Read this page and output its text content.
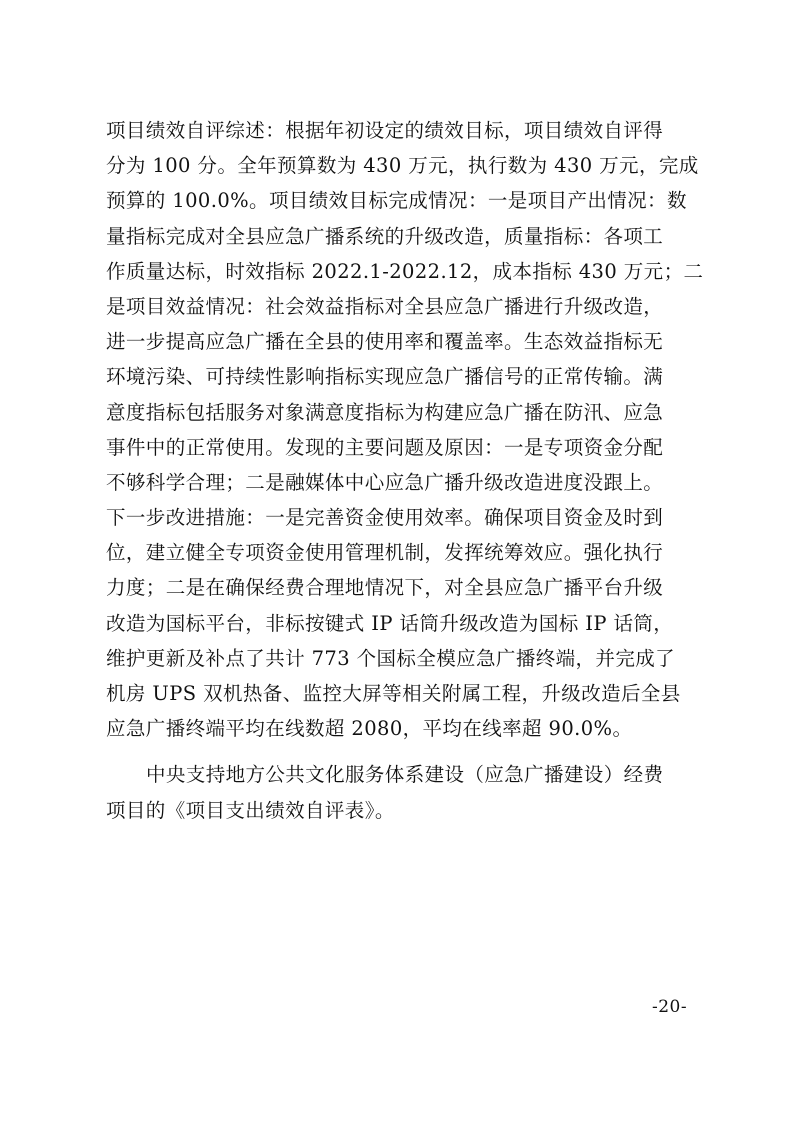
项目绩效自评综述：根据年初设定的绩效目标，项目绩效自评得
分为 100 分。全年预算数为 430 万元，执行数为 430 万元，完成
预算的 100.0%。项目绩效目标完成情况：一是项目产出情况：数
量指标完成对全县应急广播系统的升级改造，质量指标：各项工
作质量达标，时效指标 2022.1-2022.12，成本指标 430 万元；二
是项目效益情况：社会效益指标对全县应急广播进行升级改造，
进一步提高应急广播在全县的使用率和覆盖率。生态效益指标无
环境污染、可持续性影响指标实现应急广播信号的正常传输。满
意度指标包括服务对象满意度指标为构建应急广播在防汛、应急
事件中的正常使用。发现的主要问题及原因：一是专项资金分配
不够科学合理；二是融媒体中心应急广播升级改造进度没跟上。
下一步改进措施：一是完善资金使用效率。确保项目资金及时到
位，建立健全专项资金使用管理机制，发挥统筹效应。强化执行
力度；二是在确保经费合理地情况下，对全县应急广播平台升级
改造为国标平台，非标按键式 IP 话筒升级改造为国标 IP 话筒，
维护更新及补点了共计 773 个国标全模应急广播终端，并完成了
机房 UPS 双机热备、监控大屏等相关附属工程，升级改造后全县
应急广播终端平均在线数超 2080，平均在线率超 90.0%。
中央支持地方公共文化服务体系建设（应急广播建设）经费
项目的《项目支出绩效自评表》。
-20-
